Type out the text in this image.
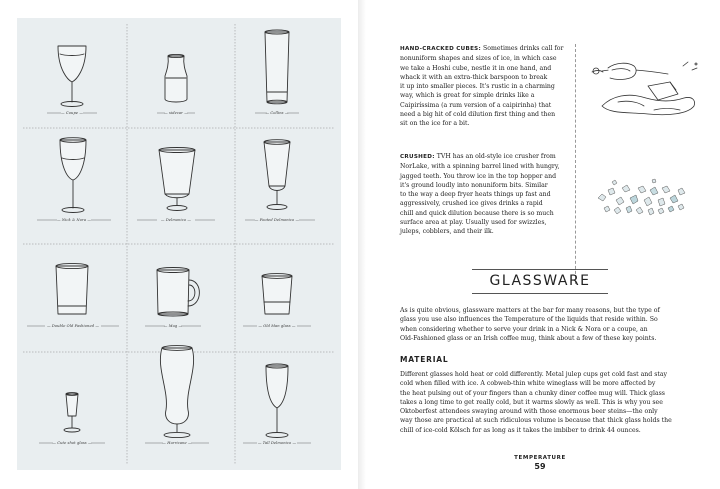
— Coupe —	— sidecar —	— Collins —
— Nick & Nora —	— Delmonico —	— Footed Delmonico —
— Double Old Fashioned —	— Mug —	— Old Man glass —
— Cute shot glass —	— Hurricane —	— Tall Delmonico —
HAND-CRACKED CUBES: Sometimes drinks call for
nonuniform shapes and sizes of ice, in which case
we take a Hoshi cube, nestle it in one hand, and
whack it with an extra-thick barspoon to break
it up into smaller pieces. It's rustic in a charming
way, which is great for simple drinks like a
Caipiríssima (a rum version of a caipirinha) that
need a big hit of cold dilution first thing and then
sit on the ice for a bit.
CRUSHED: TVH has an old-style ice crusher from
NorLake, with a spinning barrel lined with hungry,
jagged teeth. You throw ice in the top hopper and
it's ground loudly into nonuniform bits. Similar
to the way a deep fryer heats things up fast and
aggressively, crushed ice gives drinks a rapid
chill and quick dilution because there is so much
surface area at play. Usually used for swizzles,
juleps, cobblers, and their ilk.
GLASSWARE
As is quite obvious, glassware matters at the bar for many reasons, but the type of
glass you use also influences the Temperature of the liquids that reside within. So
when considering whether to serve your drink in a Nick & Nora or a coupe, an
Old-Fashioned glass or an Irish coffee mug, think about a few of these key points.
MATERIAL
Different glasses hold heat or cold differently. Metal julep cups get cold fast and stay
cold when filled with ice. A cobweb-thin white wineglass will be more affected by
the heat pulsing out of your fingers than a chunky diner coffee mug will. Thick glass
takes a long time to get really cold, but it warms slowly as well. This is why you see
Oktoberfest attendees swaying around with those enormous beer steins—the only
way those are practical at such ridiculous volume is because that thick glass holds the
chill of ice-cold Kölsch for as long as it takes the imbiber to drink 44 ounces.
TEMPERATURE
59
